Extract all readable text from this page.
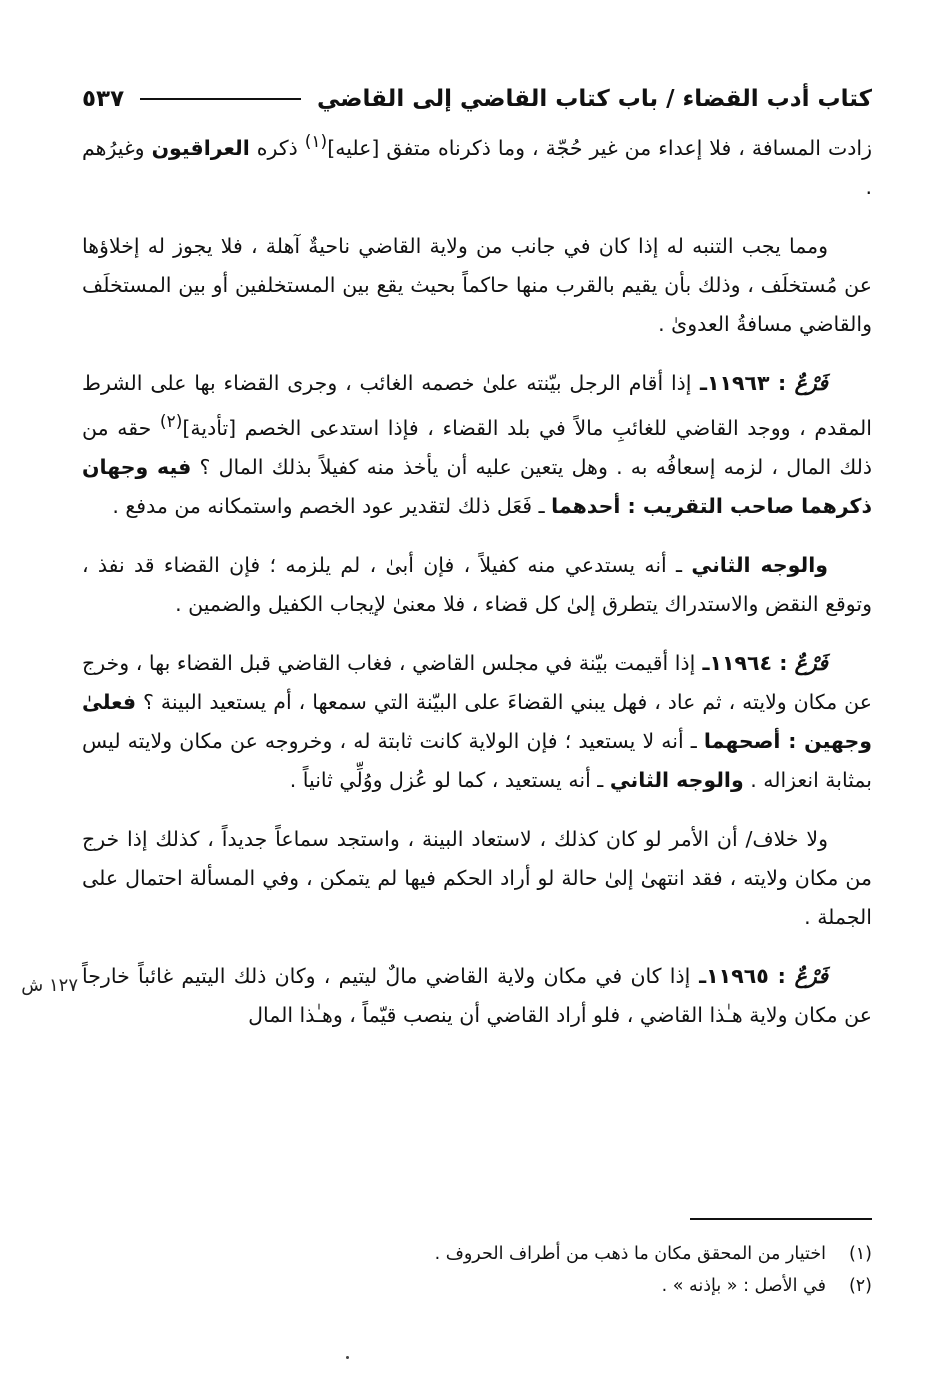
كتاب أدب القضاء / باب كتاب القاضي إلى القاضي
٥٣٧

زادت المسافة ، فلا إعداء من غير حُجّة ، وما ذكرناه متفق [عليه]$^{(١)}$ ذكره العراقيون وغيرُهم .

ومما يجب التنبه له إذا كان في جانب من ولاية القاضي ناحيةٌ آهلة ، فلا يجوز له إخلاؤها عن مُستخلَف ، وذلك بأن يقيم بالقرب منها حاكماً بحيث يقع بين المستخلفين أو بين المستخلَف والقاضي مسافةُ العدوىٰ .

فَرْعٌ : ١١٩٦٣ـ إذا أقام الرجل بيّنته علىٰ خصمه الغائب ، وجرى القضاء بها على الشرط المقدم ، ووجد القاضي للغائبِ مالاً في بلد القضاء ، فإذا استدعى الخصم [تأدية]$^{(٢)}$ حقه من ذلك المال ، لزمه إسعافُه به . وهل يتعين عليه أن يأخذ منه كفيلاً بذلك المال ؟ فيه وجهان ذكرهما صاحب التقريب : أحدهما ـ فَعَل ذلك لتقدير عود الخصم واستمكانه من مدفع .

والوجه الثاني ـ أنه يستدعي منه كفيلاً ، فإن أبىٰ ، لم يلزمه ؛ فإن القضاء قد نفذ ، وتوقع النقض والاستدراك يتطرق إلىٰ كل قضاء ، فلا معنىٰ لإيجاب الكفيل والضمين .

فَرْعٌ : ١١٩٦٤ـ إذا أقيمت بيّنة في مجلس القاضي ، فغاب القاضي قبل القضاء بها ، وخرج عن مكان ولايته ، ثم عاد ، فهل يبني القضاءَ على البيّنة التي سمعها ، أم يستعيد البينة ؟ فعلىٰ وجهين : أصحهما ـ أنه لا يستعيد ؛ فإن الولاية كانت ثابتة له ، وخروجه عن مكان ولايته ليس بمثابة انعزاله . والوجه الثاني ـ أنه يستعيد ، كما لو عُزل ووُلِّي ثانياً .

ولا خلاف/ أن الأمر لو كان كذلك ، لاستعاد البينة ، واستجد سماعاً جديداً ، كذلك إذا خرج من مكان ولايته ، فقد انتهىٰ إلىٰ حالة لو أراد الحكم فيها لم يتمكن ، وفي المسألة احتمال على الجملة .

فَرْعٌ : ١١٩٦٥ـ إذا كان في مكان ولاية القاضي مالٌ ليتيم ، وكان ذلك اليتيم غائباً خارجاً عن مكان ولاية هـٰذا القاضي ، فلو أراد القاضي أن ينصب قيّماً ، وهـٰذا المال

١٢٧ ش
(١)اختيار من المحقق مكان ما ذهب من أطراف الحروف .
(٢)في الأصل : « بإذنه » .
